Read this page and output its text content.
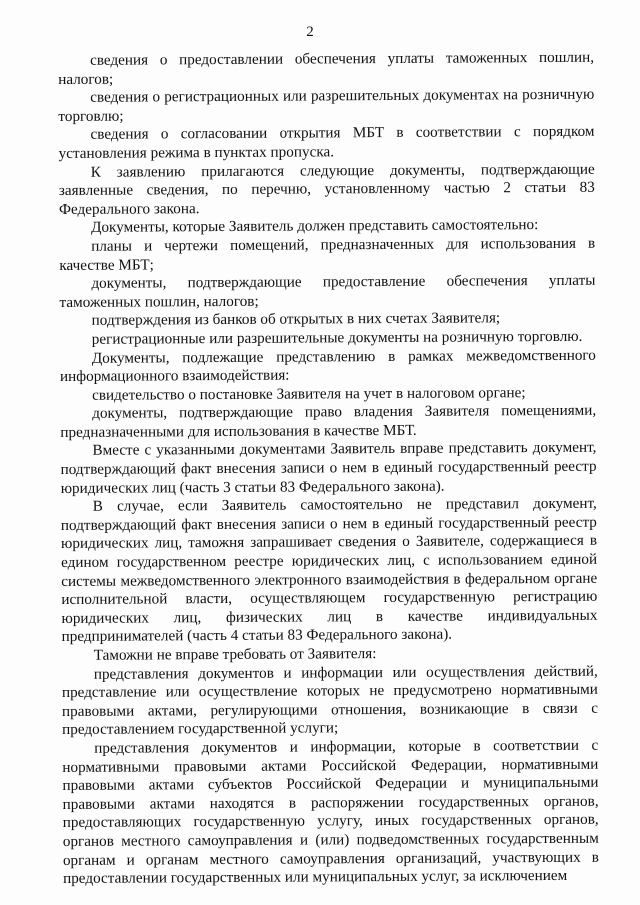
2

сведения о предоставлении обеспечения уплаты таможенных пошлин, налогов;

сведения о регистрационных или разрешительных документах на розничную торговлю;

сведения о согласовании открытия МБТ в соответствии с порядком установления режима в пунктах пропуска.

К заявлению прилагаются следующие документы, подтверждающие заявленные сведения, по перечню, установленному частью 2 статьи 83 Федерального закона.

Документы, которые Заявитель должен представить самостоятельно:

планы и чертежи помещений, предназначенных для использования в качестве МБТ;

документы, подтверждающие предоставление обеспечения уплаты таможенных пошлин, налогов;

подтверждения из банков об открытых в них счетах Заявителя;

регистрационные или разрешительные документы на розничную торговлю.

Документы, подлежащие представлению в рамках межведомственного информационного взаимодействия:

свидетельство о постановке Заявителя на учет в налоговом органе;

документы, подтверждающие право владения Заявителя помещениями, предназначенными для использования в качестве МБТ.

Вместе с указанными документами Заявитель вправе представить документ, подтверждающий факт внесения записи о нем в единый государственный реестр юридических лиц (часть 3 статьи 83 Федерального закона).

В случае, если Заявитель самостоятельно не представил документ, подтверждающий факт внесения записи о нем в единый государственный реестр юридических лиц, таможня запрашивает сведения о Заявителе, содержащиеся в едином государственном реестре юридических лиц, с использованием единой системы межведомственного электронного взаимодействия в федеральном органе исполнительной власти, осуществляющем государственную регистрацию юридических лиц, физических лиц в качестве индивидуальных предпринимателей (часть 4 статьи 83 Федерального закона).

Таможни не вправе требовать от Заявителя:

представления документов и информации или осуществления действий, представление или осуществление которых не предусмотрено нормативными правовыми актами, регулирующими отношения, возникающие в связи с предоставлением государственной услуги;

представления документов и информации, которые в соответствии с нормативными правовыми актами Российской Федерации, нормативными правовыми актами субъектов Российской Федерации и муниципальными правовыми актами находятся в распоряжении государственных органов, предоставляющих государственную услугу, иных государственных органов, органов местного самоуправления и (или) подведомственных государственным органам и органам местного самоуправления организаций, участвующих в предоставлении государственных или муниципальных услуг, за исключением
